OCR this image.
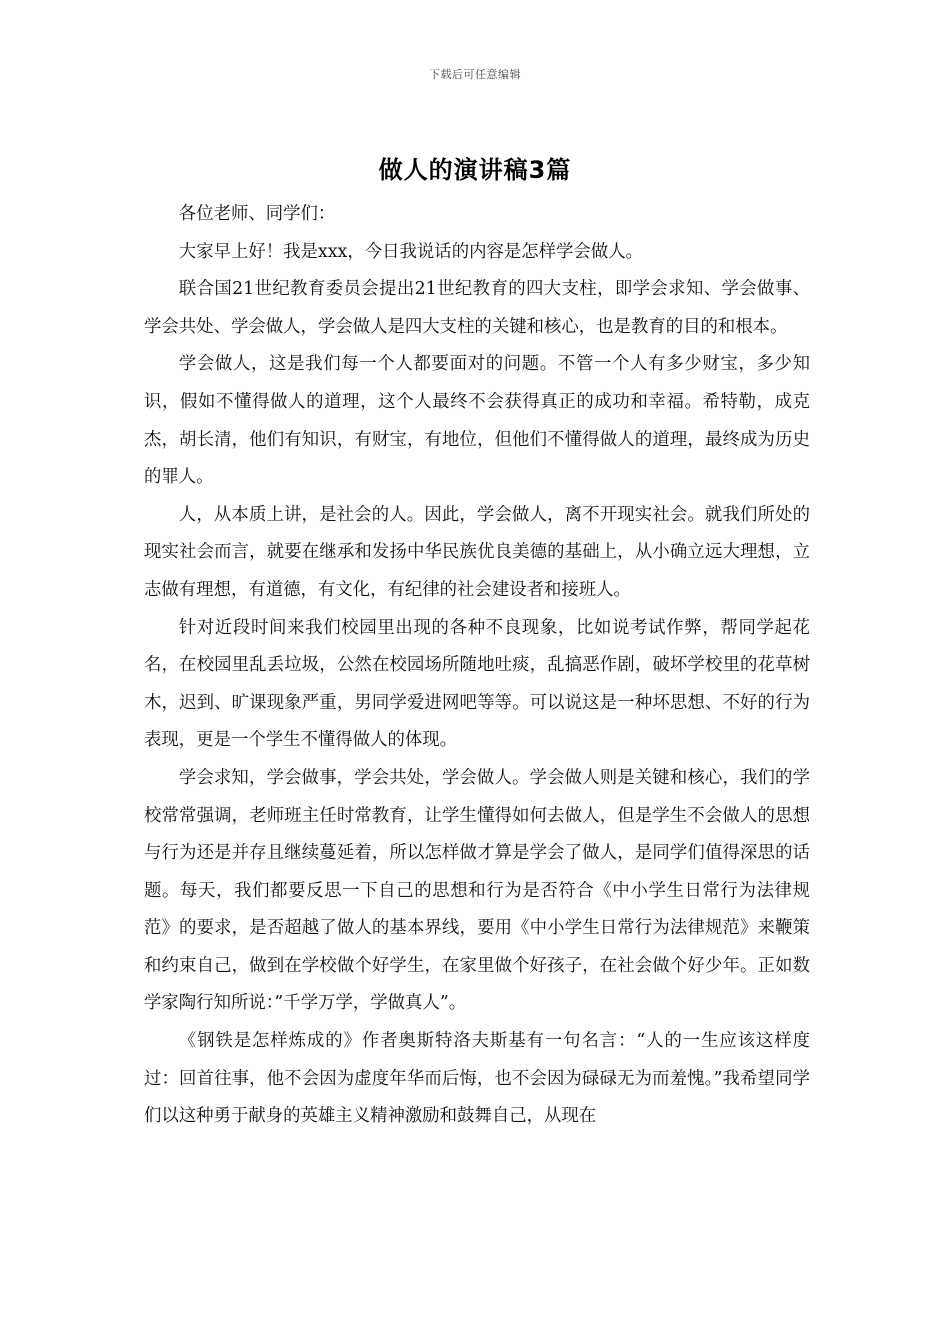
下载后可任意编辑
做人的演讲稿3篇

各位老师、同学们：

大家早上好！我是xxx，今日我说话的内容是怎样学会做人。

联合国21世纪教育委员会提出21世纪教育的四大支柱，即学会求知、学会做事、学会共处、学会做人，学会做人是四大支柱的关键和核心，也是教育的目的和根本。

学会做人，这是我们每一个人都要面对的问题。不管一个人有多少财宝，多少知识，假如不懂得做人的道理，这个人最终不会获得真正的成功和幸福。希特勒，成克杰，胡长清，他们有知识，有财宝，有地位，但他们不懂得做人的道理，最终成为历史的罪人。

人，从本质上讲，是社会的人。因此，学会做人，离不开现实社会。就我们所处的现实社会而言，就要在继承和发扬中华民族优良美德的基础上，从小确立远大理想，立志做有理想，有道德，有文化，有纪律的社会建设者和接班人。

针对近段时间来我们校园里出现的各种不良现象，比如说考试作弊，帮同学起花名，在校园里乱丢垃圾，公然在校园场所随地吐痰，乱搞恶作剧，破坏学校里的花草树木，迟到、旷课现象严重，男同学爱进网吧等等。可以说这是一种坏思想、不好的行为表现，更是一个学生不懂得做人的体现。

学会求知，学会做事，学会共处，学会做人。学会做人则是关键和核心，我们的学校常常强调，老师班主任时常教育，让学生懂得如何去做人，但是学生不会做人的思想与行为还是并存且继续蔓延着，所以怎样做才算是学会了做人，是同学们值得深思的话题。每天，我们都要反思一下自己的思想和行为是否符合《中小学生日常行为法律规范》的要求，是否超越了做人的基本界线，要用《中小学生日常行为法律规范》来鞭策和约束自己，做到在学校做个好学生，在家里做个好孩子，在社会做个好少年。正如数学家陶行知所说：”千学万学，学做真人”。

《钢铁是怎样炼成的》作者奥斯特洛夫斯基有一句名言：“人的一生应该这样度过：回首往事，他不会因为虚度年华而后悔，也不会因为碌碌无为而羞愧。”我希望同学们以这种勇于献身的英雄主义精神激励和鼓舞自己，从现在
